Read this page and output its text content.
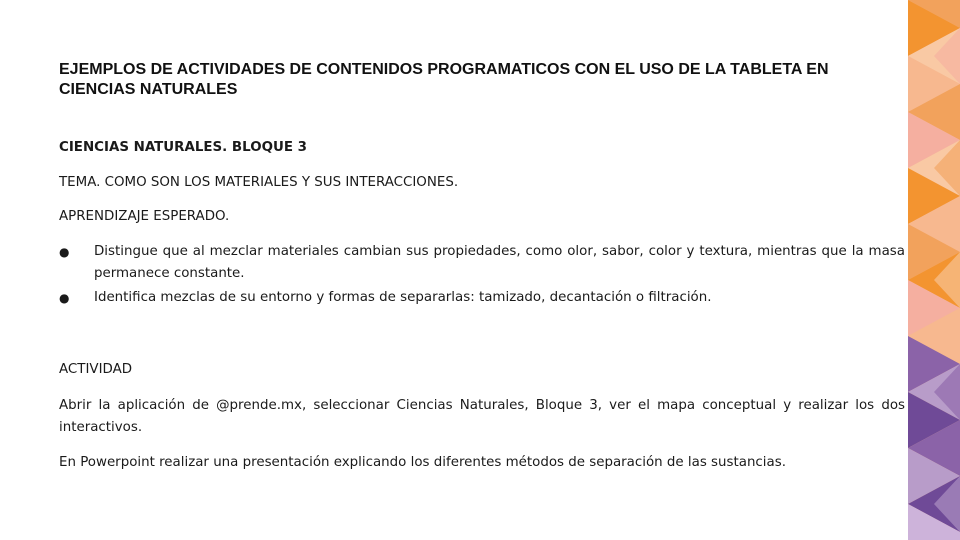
EJEMPLOS DE ACTIVIDADES DE CONTENIDOS PROGRAMATICOS CON EL USO DE LA TABLETA EN CIENCIAS NATURALES

CIENCIAS NATURALES. BLOQUE 3

TEMA. COMO SON LOS MATERIALES Y SUS INTERACCIONES.

APRENDIZAJE ESPERADO.

● Distingue que al mezclar materiales cambian sus propiedades, como olor, sabor, color y textura, mientras que la masa permanece constante.
● Identifica mezclas de su entorno y formas de separarlas: tamizado, decantación o filtración.

ACTIVIDAD

Abrir la aplicación de @prende.mx, seleccionar Ciencias Naturales, Bloque 3, ver el mapa conceptual y realizar los dos interactivos.

En Powerpoint realizar una presentación explicando los diferentes métodos de separación de las sustancias.
